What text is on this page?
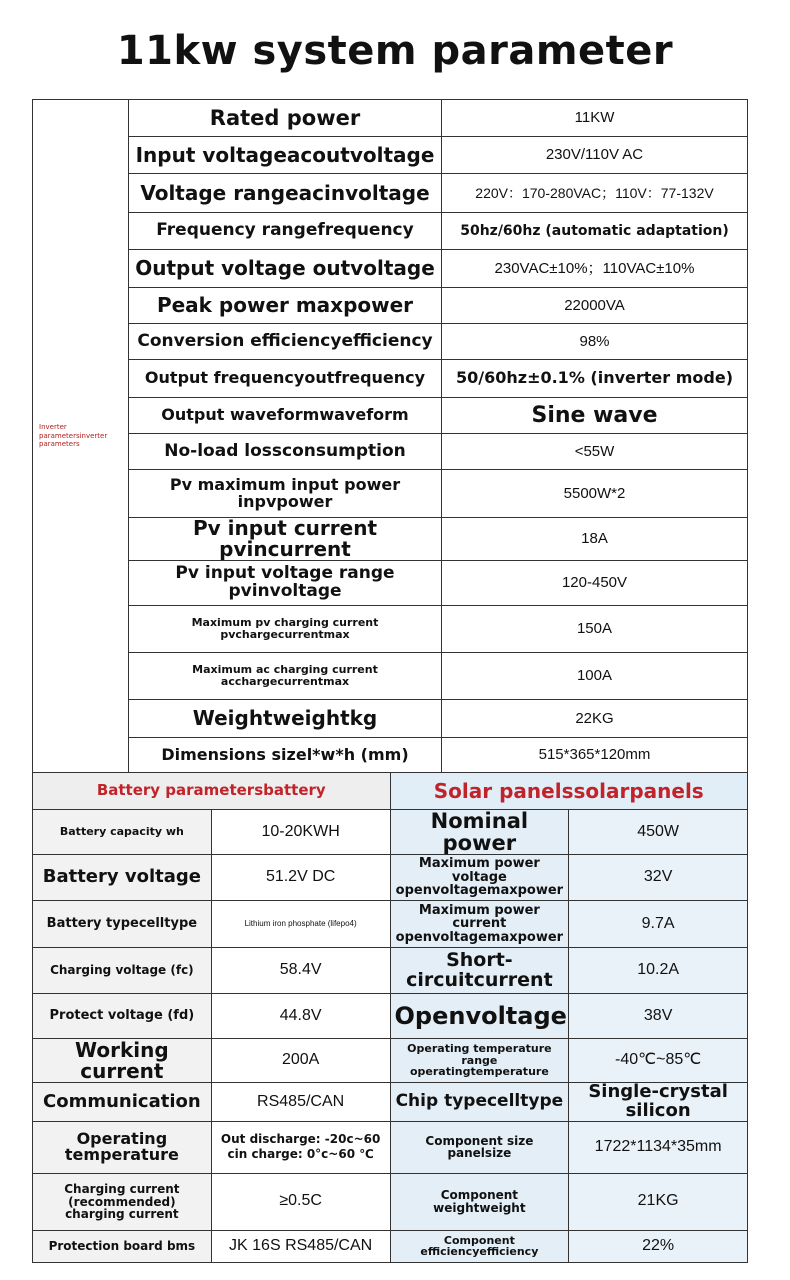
11kw system parameter
Inverter parametersinverter parameters	Rated power	11KW
	Input voltageacoutvoltage	230V/110V AC
	Voltage rangeacinvoltage	220V：170-280VAC；110V：77-132V
	Frequency rangefrequency	50hz/60hz (automatic adaptation)
	Output voltage outvoltage	230VAC±10%；110VAC±10%
	Peak power maxpower	22000VA
	Conversion efficiencyefficiency	98%
	Output frequencyoutfrequency	50/60hz±0.1% (inverter mode)
	Output waveformwaveform	Sine wave
	No-load lossconsumption	<55W
	Pv maximum input power inpvpower	5500W*2
	Pv input current pvincurrent	18A
	Pv input voltage range pvinvoltage	120-450V
	Maximum pv charging current pvchargecurrentmax	150A
	Maximum ac charging current acchargecurrentmax	100A
	Weightweightkg	22KG
	Dimensions sizel*w*h (mm)	515*365*120mm
Battery parametersbattery		Solar panelssolarpanels	
Battery capacity wh	10-20KWH	Nominal power	450W
Battery voltage	51.2V DC	Maximum power voltage openvoltagemaxpower	32V
Battery typecelltype	Lithium iron phosphate (lifepo4)	Maximum power current openvoltagemaxpower	9.7A
Charging voltage (fc)	58.4V	Short-circuitcurrent	10.2A
Protect voltage (fd)	44.8V	Openvoltage	38V
Working current	200A	Operating temperature range operatingtemperature	-40℃~85℃
Communication	RS485/CAN	Chip typecelltype	Single-crystal silicon
Operating temperature	Out discharge: -20c~60 cin charge: 0°c~60 ℃	Component size panelsize	1722*1134*35mm
Charging current (recommended) charging current	≥0.5C	Component weightweight	21KG
Protection board bms	JK 16S RS485/CAN	Component efficiencyefficiency	22%
